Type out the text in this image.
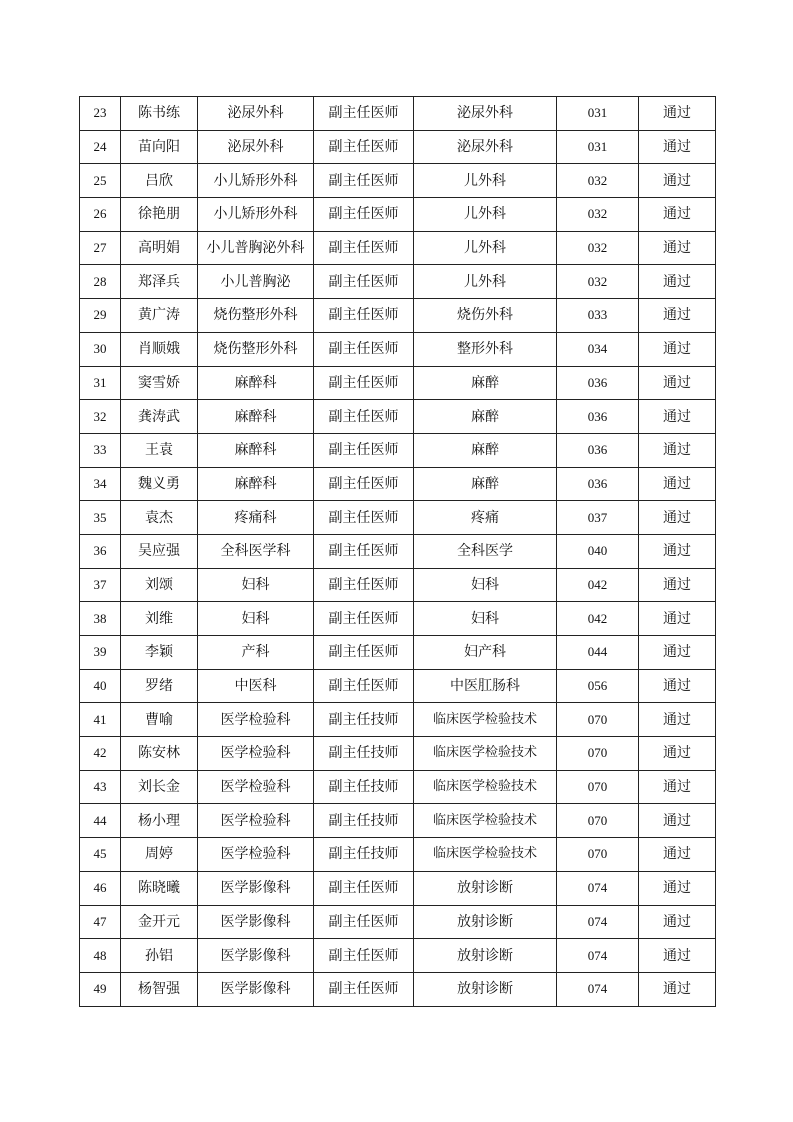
23	陈书练	泌尿外科	副主任医师	泌尿外科	031	通过
24	苗向阳	泌尿外科	副主任医师	泌尿外科	031	通过
25	吕欣	小儿矫形外科	副主任医师	儿外科	032	通过
26	徐艳朋	小儿矫形外科	副主任医师	儿外科	032	通过
27	高明娟	小儿普胸泌外科	副主任医师	儿外科	032	通过
28	郑泽兵	小儿普胸泌	副主任医师	儿外科	032	通过
29	黄广涛	烧伤整形外科	副主任医师	烧伤外科	033	通过
30	肖顺娥	烧伤整形外科	副主任医师	整形外科	034	通过
31	窦雪娇	麻醉科	副主任医师	麻醉	036	通过
32	龚涛武	麻醉科	副主任医师	麻醉	036	通过
33	王袁	麻醉科	副主任医师	麻醉	036	通过
34	魏义勇	麻醉科	副主任医师	麻醉	036	通过
35	袁杰	疼痛科	副主任医师	疼痛	037	通过
36	吴应强	全科医学科	副主任医师	全科医学	040	通过
37	刘颂	妇科	副主任医师	妇科	042	通过
38	刘维	妇科	副主任医师	妇科	042	通过
39	李颖	产科	副主任医师	妇产科	044	通过
40	罗绪	中医科	副主任医师	中医肛肠科	056	通过
41	曹喻	医学检验科	副主任技师	临床医学检验技术	070	通过
42	陈安林	医学检验科	副主任技师	临床医学检验技术	070	通过
43	刘长金	医学检验科	副主任技师	临床医学检验技术	070	通过
44	杨小理	医学检验科	副主任技师	临床医学检验技术	070	通过
45	周婷	医学检验科	副主任技师	临床医学检验技术	070	通过
46	陈晓曦	医学影像科	副主任医师	放射诊断	074	通过
47	金开元	医学影像科	副主任医师	放射诊断	074	通过
48	孙铝	医学影像科	副主任医师	放射诊断	074	通过
49	杨智强	医学影像科	副主任医师	放射诊断	074	通过
